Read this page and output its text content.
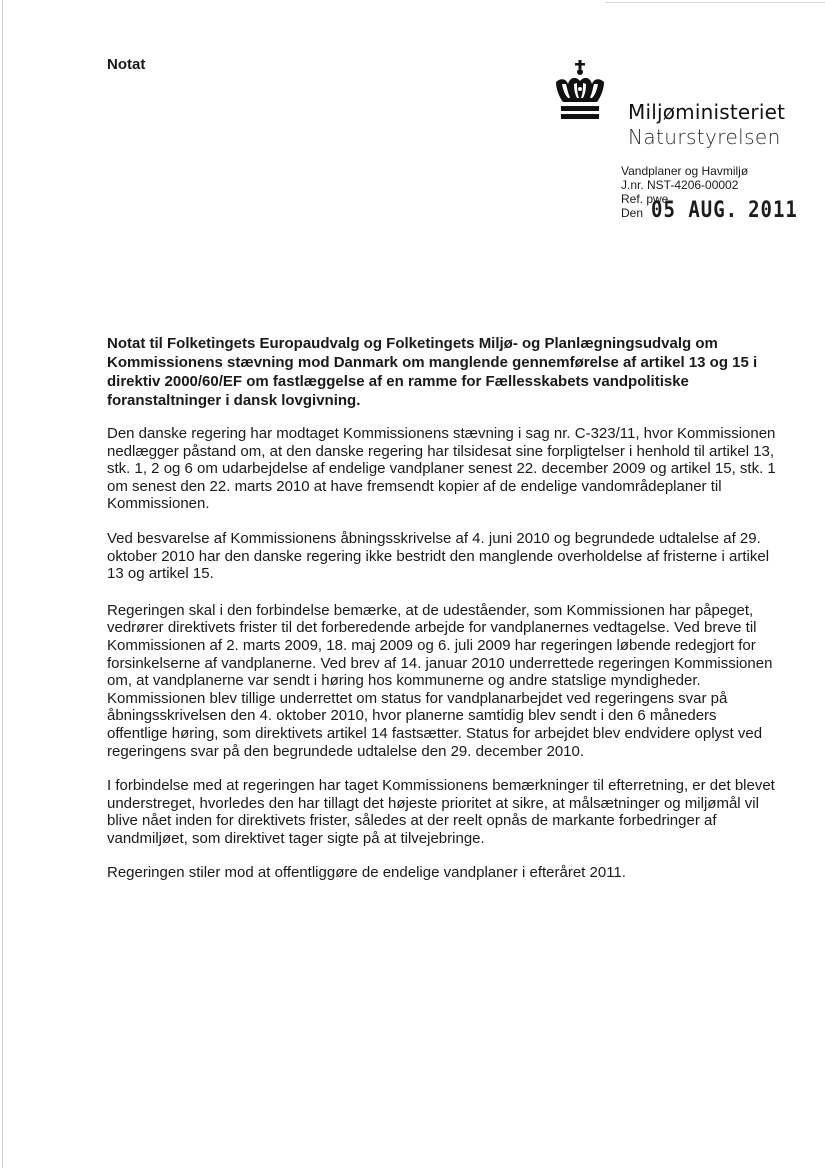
Notat
Miljøministeriet
Naturstyrelsen
Vandplaner og Havmiljø
J.nr. NST-4206-00002
Ref. pwe
Den 05 AUG. 2011
Notat til Folketingets Europaudvalg og Folketingets Miljø- og Planlægningsudvalg om Kommissionens stævning mod Danmark om manglende gennemførelse af artikel 13 og 15 i direktiv 2000/60/EF om fastlæggelse af en ramme for Fællesskabets vandpolitiske foranstaltninger i dansk lovgivning.

Den danske regering har modtaget Kommissionens stævning i sag nr. C-323/11, hvor Kommissionen nedlægger påstand om, at den danske regering har tilsidesat sine forpligtelser i henhold til artikel 13, stk. 1, 2 og 6 om udarbejdelse af endelige vandplaner senest 22. december 2009 og artikel 15, stk. 1 om senest den 22. marts 2010 at have fremsendt kopier af de endelige vandområdeplaner til Kommissionen.

Ved besvarelse af Kommissionens åbningsskrivelse af 4. juni 2010 og begrundede udtalelse af 29. oktober 2010 har den danske regering ikke bestridt den manglende overholdelse af fristerne i artikel 13 og artikel 15.

Regeringen skal i den forbindelse bemærke, at de udeståender, som Kommissionen har påpeget, vedrører direktivets frister til det forberedende arbejde for vandplanernes vedtagelse. Ved breve til Kommissionen af 2. marts 2009, 18. maj 2009 og 6. juli 2009 har regeringen løbende redegjort for forsinkelserne af vandplanerne. Ved brev af 14. januar 2010 underrettede regeringen Kommissionen om, at vandplanerne var sendt i høring hos kommunerne og andre statslige myndigheder. Kommissionen blev tillige underrettet om status for vandplanarbejdet ved regeringens svar på åbningsskrivelsen den 4. oktober 2010, hvor planerne samtidig blev sendt i den 6 måneders offentlige høring, som direktivets artikel 14 fastsætter. Status for arbejdet blev endvidere oplyst ved regeringens svar på den begrundede udtalelse den 29. december 2010.

I forbindelse med at regeringen har taget Kommissionens bemærkninger til efterretning, er det blevet understreget, hvorledes den har tillagt det højeste prioritet at sikre, at målsætninger og miljømål vil blive nået inden for direktivets frister, således at der reelt opnås de markante forbedringer af vandmiljøet, som direktivet tager sigte på at tilvejebringe.

Regeringen stiler mod at offentliggøre de endelige vandplaner i efteråret 2011.
